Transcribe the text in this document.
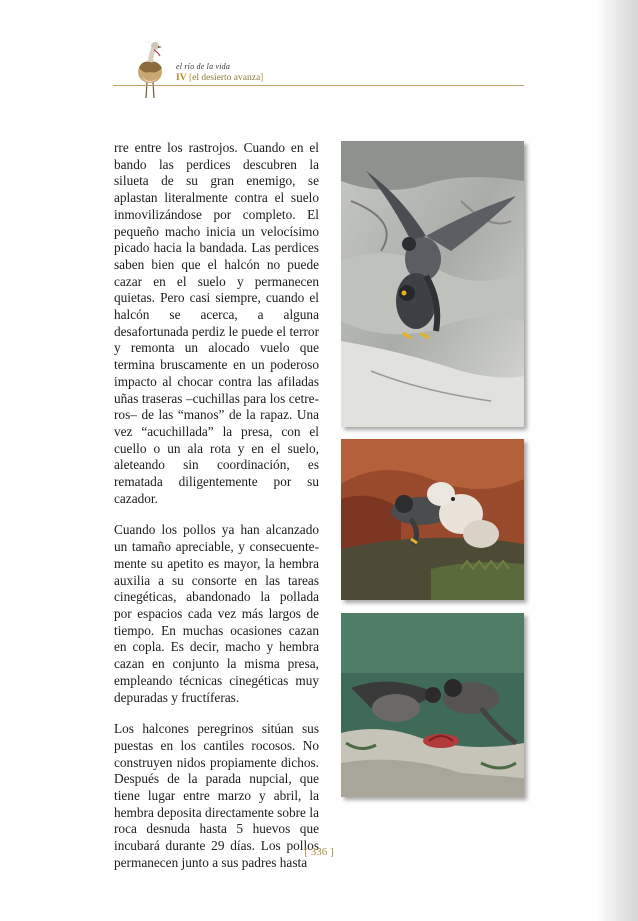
el río de la vida
IV [el desierto avanza]

rre entre los rastrojos. Cuando en el bando las perdices descubren la silueta de su gran enemigo, se aplastan literalmente contra el suelo inmovilizándose por completo. El pequeño macho inicia un velocísimo picado hacia la bandada. Las perdices saben bien que el halcón no puede cazar en el suelo y permanecen quietas. Pero casi siempre, cuando el halcón se acerca, a alguna desafortunada perdiz le puede el terror y remonta un alocado vuelo que termina bruscamente en un poderoso impacto al chocar contra las afiladas uñas traseras –cuchillas para los cetreros– de las “manos” de la rapaz. Una vez “acuchillada” la presa, con el cuello o un ala rota y en el suelo, aleteando sin coordinación, es rematada diligentemente por su cazador.

Cuando los pollos ya han alcanzado un tamaño apreciable, y consecuentemente su apetito es mayor, la hembra auxilia a su consorte en las tareas cinegéticas, abandonado la pollada por espacios cada vez más largos de tiempo. En muchas ocasiones cazan en copla. Es decir, macho y hembra cazan en conjunto la misma presa, empleando técnicas cinegéticas muy depuradas y fructíferas.

Los halcones peregrinos sitúan sus puestas en los cantiles rocosos. No construyen nidos propiamente dichos. Después de la parada nupcial, que tiene lugar entre marzo y abril, la hembra deposita directamente sobre la roca desnuda hasta 5 huevos que incubará durante 29 días. Los pollos permanecen junto a sus padres hasta

[ 336 ]
